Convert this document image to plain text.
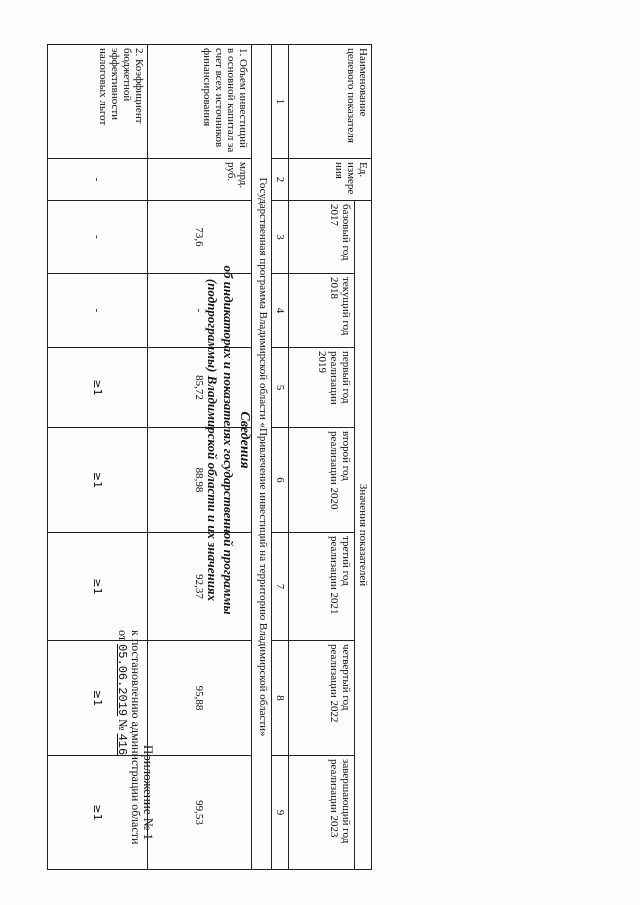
Приложение № 1
к постановлению администрации области
от 05.06.2019 № 416
Сведения
об индикаторах и показателях государственной программы
(подпрограммы) Владимирской области и их значениях
Наименование целевого показателя	Ед. измере ния	Значения показателей						
		базовый год 2017	текущий год 2018	первый год реализации 2019	второй год реализации 2020	третий год реализации 2021	четвертый год реализации 2022	завершающий год реализации 2023
1	2	3	4	5	6	7	8	9
Государственная программа Владимирской области «Привлечение инвестиций на территорию Владимирской области»								
1. Объем инвестиций в основной капитал за счет всех источников финансирования	млрд. руб.	73,6	-	85,72	88,98	92,37	95,88	99,53
2. Коэффициент бюджетной эффективности налоговых льгот	-	-	-	≥1	≥1	≥1	≥1	≥1
